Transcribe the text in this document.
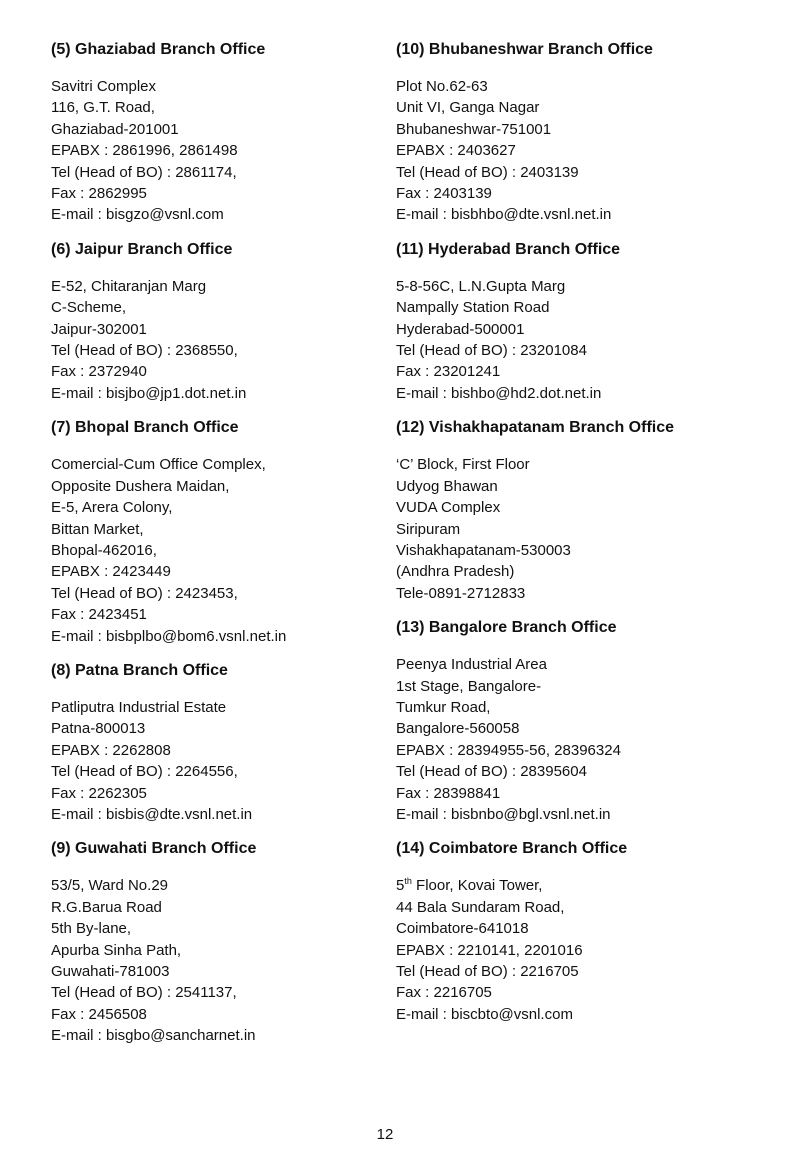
(5) Ghaziabad Branch Office
Savitri Complex
116, G.T. Road,
Ghaziabad-201001
EPABX : 2861996, 2861498
Tel (Head of BO) : 2861174,
Fax : 2862995
E-mail : bisgzo@vsnl.com
(6) Jaipur Branch Office
E-52, Chitaranjan Marg
C-Scheme,
Jaipur-302001
Tel (Head of BO) : 2368550,
Fax : 2372940
E-mail : bisjbo@jp1.dot.net.in
(7) Bhopal Branch Office
Comercial-Cum Office Complex,
Opposite Dushera Maidan,
E-5, Arera Colony,
Bittan Market,
Bhopal-462016,
EPABX : 2423449
Tel (Head of BO) : 2423453,
Fax : 2423451
E-mail : bisbplbo@bom6.vsnl.net.in
(8) Patna Branch Office
Patliputra Industrial Estate
Patna-800013
EPABX : 2262808
Tel (Head of BO) : 2264556,
Fax : 2262305
E-mail : bisbis@dte.vsnl.net.in
(9) Guwahati Branch Office
53/5, Ward No.29
R.G.Barua Road
5th By-lane,
Apurba Sinha Path,
Guwahati-781003
Tel (Head of BO) : 2541137,
Fax : 2456508
E-mail : bisgbo@sancharnet.in
(10) Bhubaneshwar Branch Office
Plot No.62-63
Unit VI, Ganga Nagar
Bhubaneshwar-751001
EPABX : 2403627
Tel (Head of BO) : 2403139
Fax : 2403139
E-mail : bisbhbo@dte.vsnl.net.in
(11) Hyderabad Branch Office
5-8-56C, L.N.Gupta Marg
Nampally Station Road
Hyderabad-500001
Tel (Head of BO) : 23201084
Fax : 23201241
E-mail : bishbo@hd2.dot.net.in
(12) Vishakhapatanam Branch Office
‘C’ Block, First Floor
Udyog Bhawan
VUDA Complex
Siripuram
Vishakhapatanam-530003
(Andhra Pradesh)
Tele-0891-2712833
(13) Bangalore Branch Office
Peenya Industrial Area
1st Stage, Bangalore-
Tumkur Road,
Bangalore-560058
EPABX : 28394955-56, 28396324
Tel (Head of BO) : 28395604
Fax : 28398841
E-mail : bisbnbo@bgl.vsnl.net.in
(14) Coimbatore Branch Office
5th Floor, Kovai Tower,
44 Bala Sundaram Road,
Coimbatore-641018
EPABX : 2210141, 2201016
Tel (Head of BO) : 2216705
Fax : 2216705
E-mail : biscbto@vsnl.com
12
